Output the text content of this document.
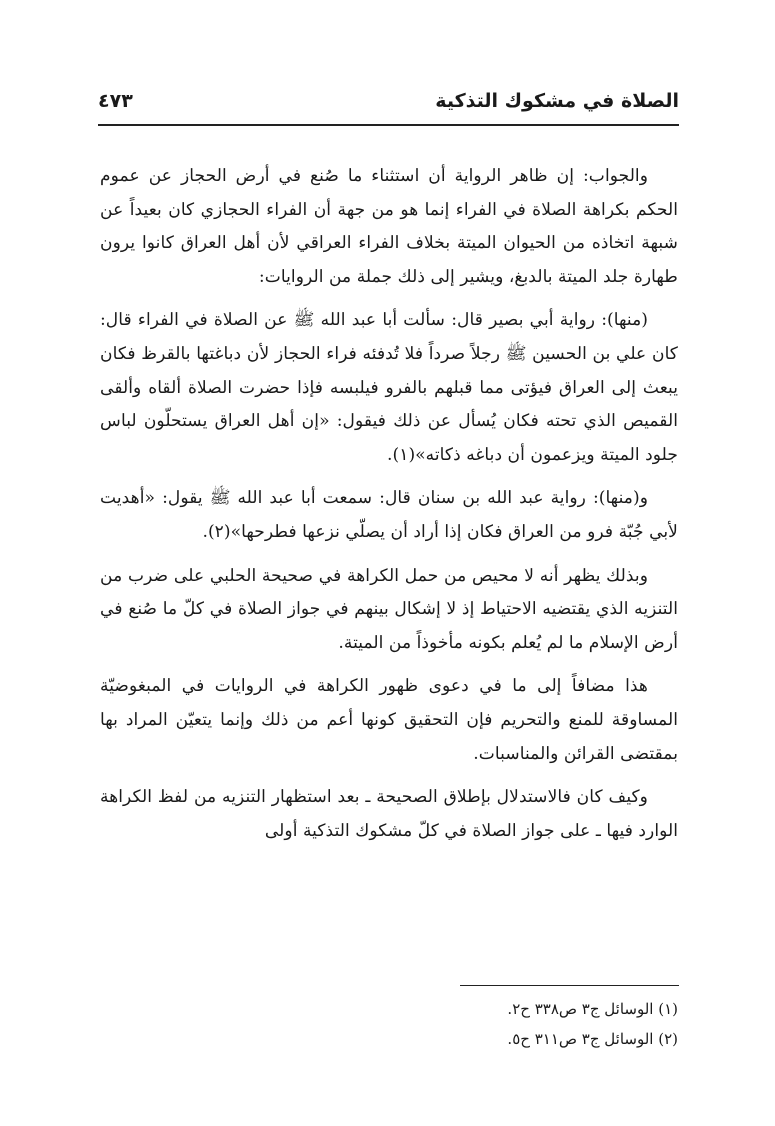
الصلاة في مشكوك التذكية
٤٧٣

والجواب: إن ظاهر الرواية أن استثناء ما صُنع في أرض الحجاز عن عموم الحكم بكراهة الصلاة في الفراء إنما هو من جهة أن الفراء الحجازي كان بعيداً عن شبهة اتخاذه من الحيوان الميتة بخلاف الفراء العراقي لأن أهل العراق كانوا يرون طهارة جلد الميتة بالدبغ، ويشير إلى ذلك جملة من الروايات:

(منها): رواية أبي بصير قال: سألت أبا عبد الله ﷺ عن الصلاة في الفراء قال: كان علي بن الحسين ﷺ رجلاً صرداً فلا تُدفئه فراء الحجاز لأن دباغتها بالقرظ فكان يبعث إلى العراق فيؤتى مما قبلهم بالفرو فيلبسه فإذا حضرت الصلاة ألقاه وألقى القميص الذي تحته فكان يُسأل عن ذلك فيقول: «إن أهل العراق يستحلّون لباس جلود الميتة ويزعمون أن دباغه ذكاته»(١).

و(منها): رواية عبد الله بن سنان قال: سمعت أبا عبد الله ﷺ يقول: «أهديت لأبي جُبّة فرو من العراق فكان إذا أراد أن يصلّي نزعها فطرحها»(٢).

وبذلك يظهر أنه لا محيص من حمل الكراهة في صحيحة الحلبي على ضرب من التنزيه الذي يقتضيه الاحتياط إذ لا إشكال بينهم في جواز الصلاة في كلّ ما صُنع في أرض الإسلام ما لم يُعلم بكونه مأخوذاً من الميتة.

هذا مضافاً إلى ما في دعوى ظهور الكراهة في الروايات في المبغوضيّة المساوقة للمنع والتحريم فإن التحقيق كونها أعم من ذلك وإنما يتعيّن المراد بها بمقتضى القرائن والمناسبات.

وكيف كان فالاستدلال بإطلاق الصحيحة ـ بعد استظهار التنزيه من لفظ الكراهة الوارد فيها ـ على جواز الصلاة في كلّ مشكوك التذكية أولى

(١) الوسائل ج٣ ص٣٣٨ ح٢.
(٢) الوسائل ج٣ ص٣١١ ح٥.
